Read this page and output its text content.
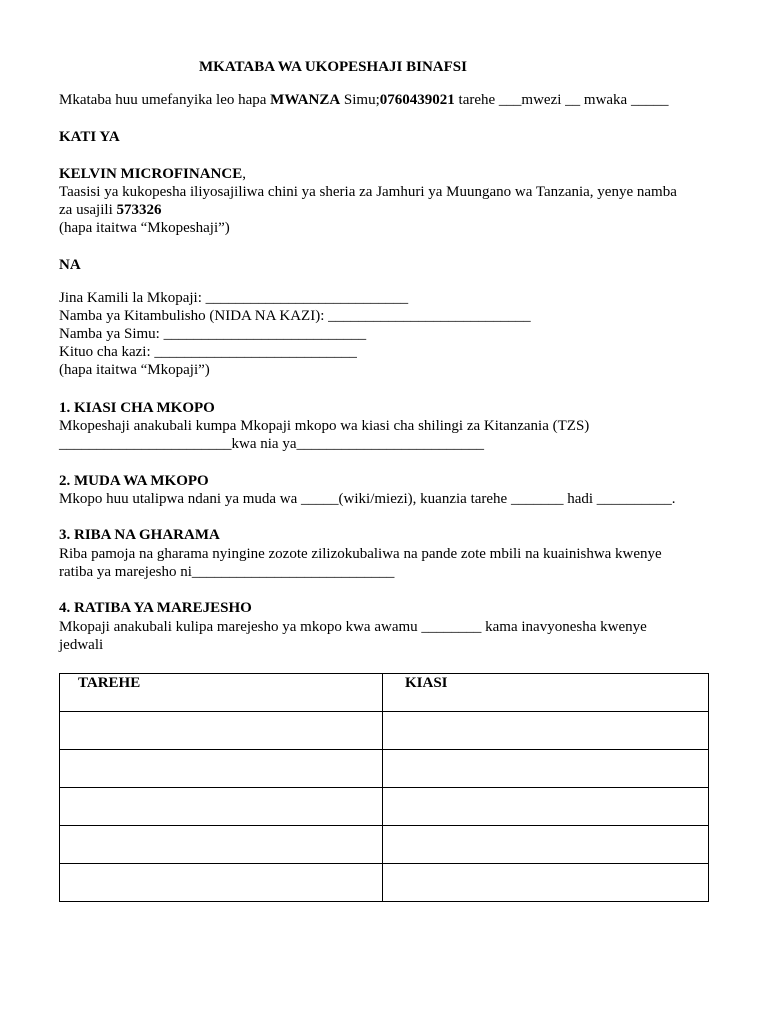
MKATABA WA UKOPESHAJI BINAFSI
Mkataba huu umefanyika leo hapa MWANZA Simu;0760439021 tarehe ___mwezi __ mwaka _____
KATI YA
KELVIN MICROFINANCE,
Taasisi ya kukopesha iliyosajiliwa chini ya sheria za Jamhuri ya Muungano wa Tanzania, yenye namba
za usajili 573326
(hapa itaitwa “Mkopeshaji”)
NA
Jina Kamili la Mkopaji: ___________________________
Namba ya Kitambulisho (NIDA NA KAZI): ___________________________
Namba ya Simu: ___________________________
Kituo cha kazi: ___________________________
(hapa itaitwa “Mkopaji”)
1. KIASI CHA MKOPO
Mkopeshaji anakubali kumpa Mkopaji mkopo wa kiasi cha shilingi za Kitanzania (TZS)
_______________________kwa nia ya_________________________
2. MUDA WA MKOPO
Mkopo huu utalipwa ndani ya muda wa _____(wiki/miezi), kuanzia tarehe _______ hadi __________.
3. RIBA NA GHARAMA
Riba pamoja na gharama nyingine zozote zilizokubaliwa na pande zote mbili na kuainishwa kwenye
ratiba ya marejesho ni___________________________
4. RATIBA YA MAREJESHO
Mkopaji anakubali kulipa marejesho ya mkopo kwa awamu ________ kama inavyonesha kwenye
jedwali
TAREHE	KIASI
